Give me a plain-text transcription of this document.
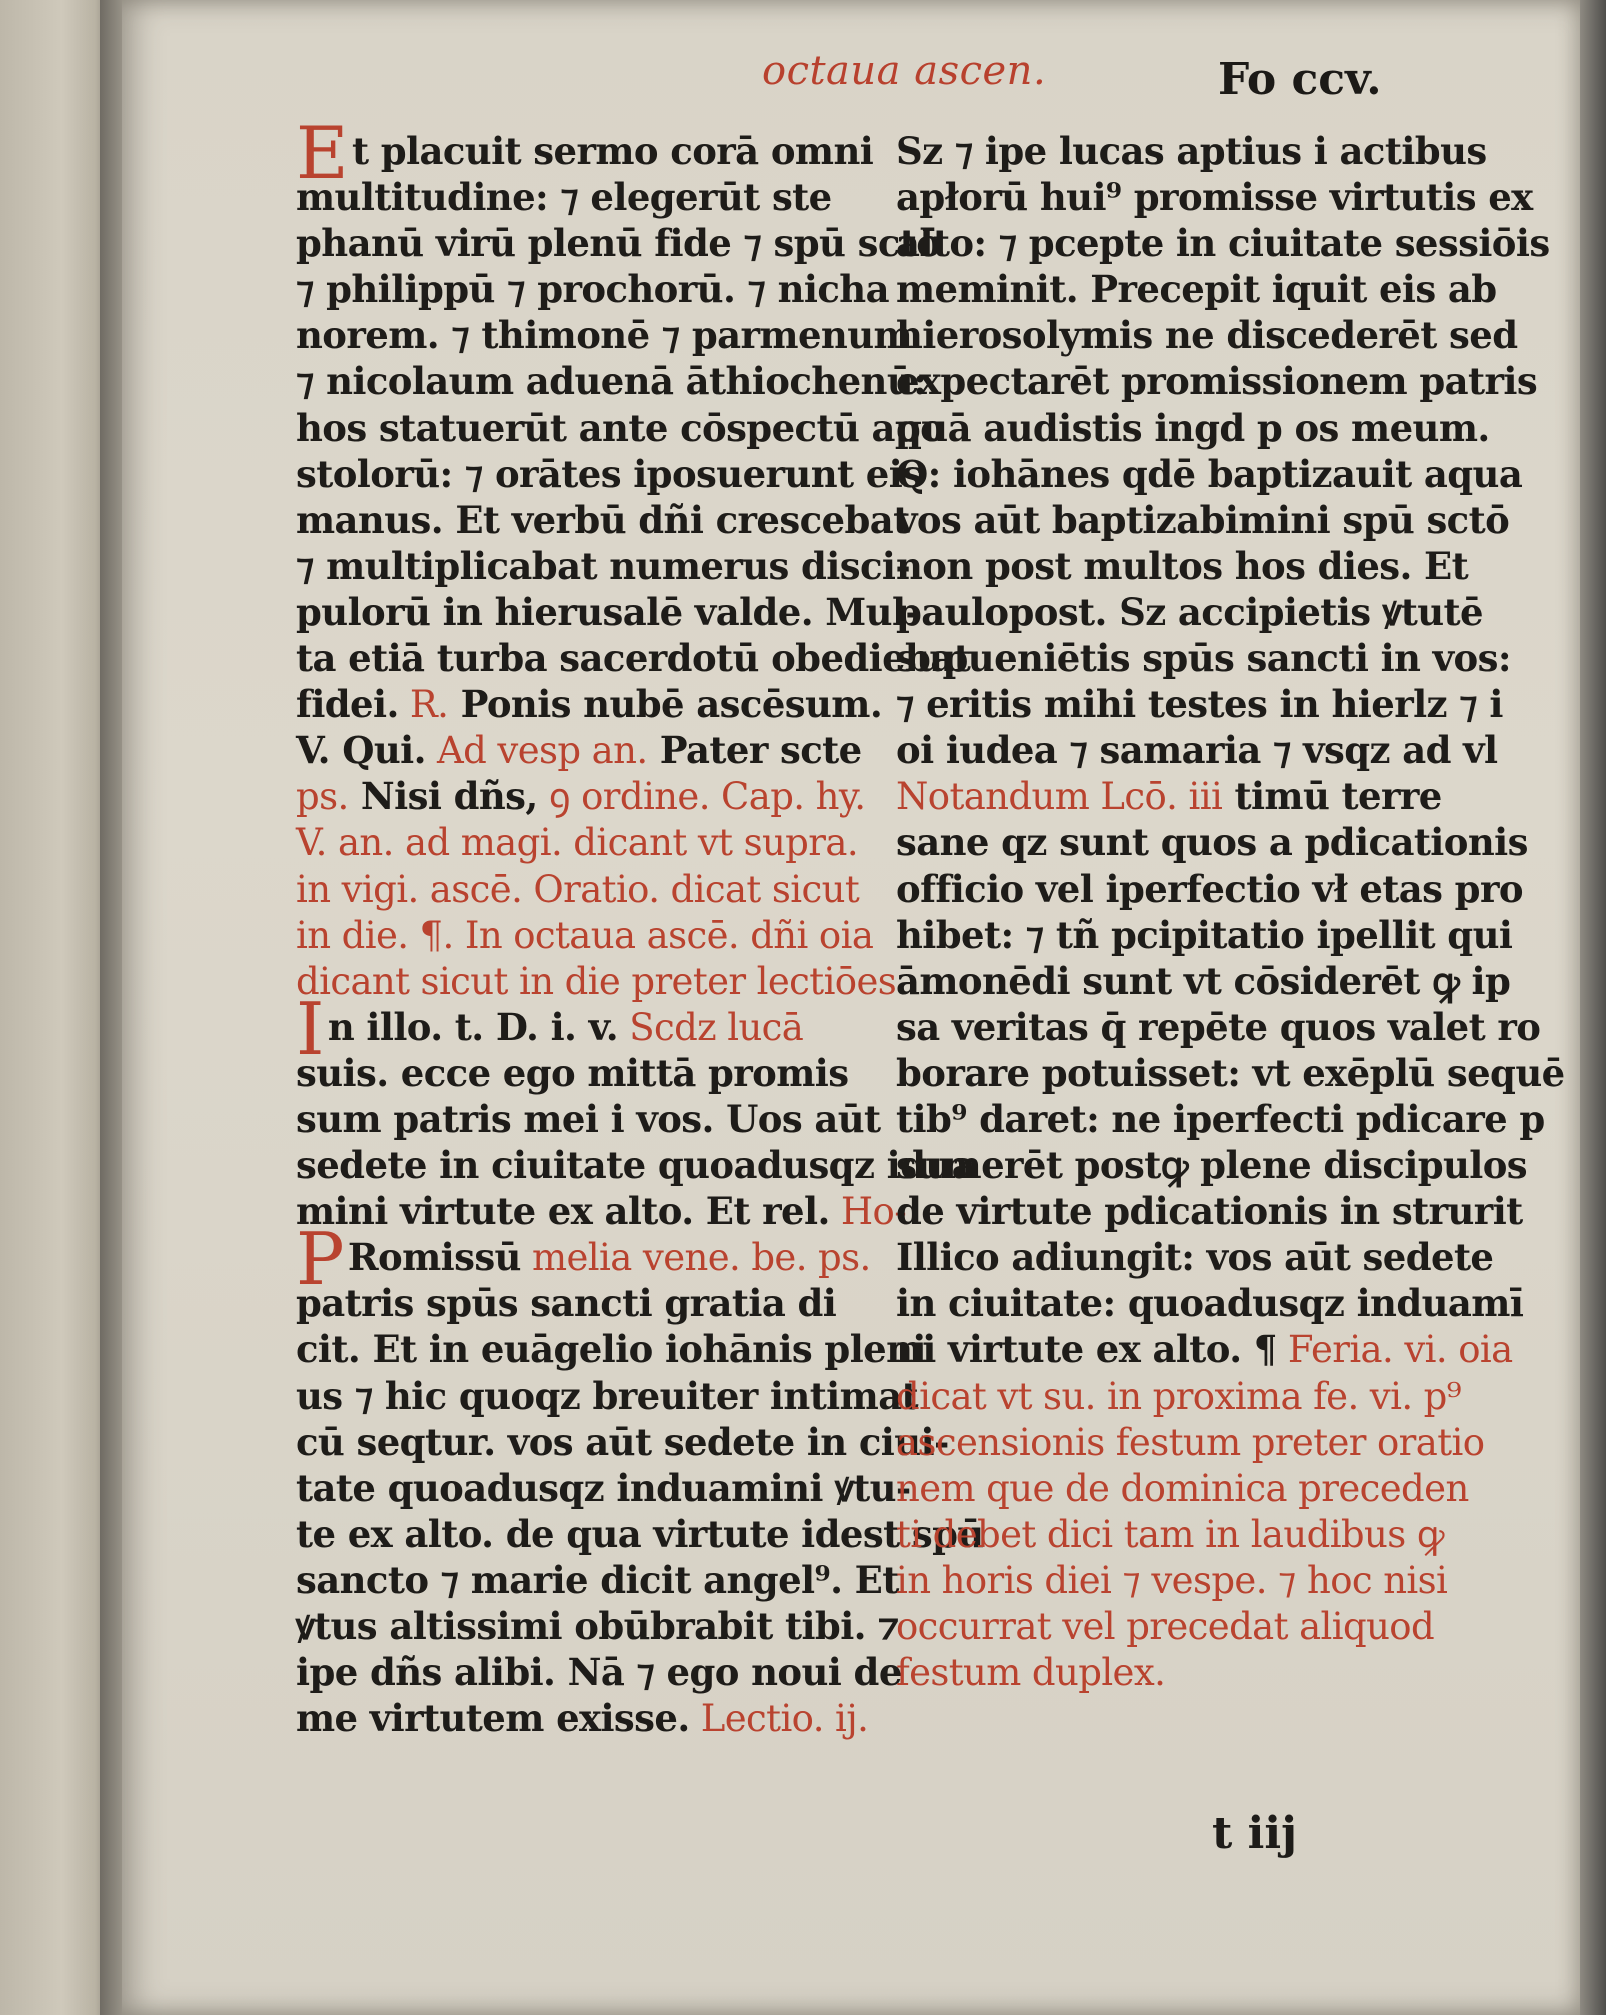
octaua ascen.	Fo ccv.
Et placuit sermo corā omni
multitudine: ⁊ elegerūt ste
phanū virū plenū fide ⁊ spū sctō
⁊ philippū ⁊ prochorū. ⁊ nicha
norem. ⁊ thimonē ⁊ parmenum
⁊ nicolaum aduenā āthiochenū:
hos statuerūt ante cōspectū apo
stolorū: ⁊ orātes iposuerunt eis
manus. Et verbū dñi crescebat
⁊ multiplicabat numerus disci-
pulorū in hierusalē valde. Mul-
ta etiā turba sacerdotū obediebat
fidei. R. Ponis nubē ascēsum.
V. Qui. Ad vesp an. Pater scte
ps. Nisi dñs, ꝯ ordine. Cap. hy.
V. an. ad magi. dicant vt supra.
in vigi. ascē. Oratio. dicat sicut
in die. ¶. In octaua ascē. dñi oia
dicant sicut in die preter lectiōes
In illo. t. D. i. v. Scdz lucā
suis. ecce ego mittā promis
sum patris mei i vos. Uos aūt
sedete in ciuitate quoadusqz idua
mini virtute ex alto. Et rel. Ho-
P Romissū melia vene. be. ps.
patris spūs sancti gratia di
cit. Et in euāgelio iohānis pleni
us ⁊ hic quoqz breuiter intimat
cū seqtur. vos aūt sedete in ciui-
tate quoadusqz induamini ꝟtu-
te ex alto. de qua virtute idest spū
sancto ⁊ marie dicit angel⁹. Et
ꝟtus altissimi obūbrabit tibi. ⁊
ipe dñs alibi. Nā ⁊ ego noui de
me virtutem exisse. Lectio. ij.
Sz ⁊ ipe lucas aptius i actibus
apłorū hui⁹ promisse virtutis ex
alto: ⁊ pcepte in ciuitate sessiōis
meminit. Precepit iquit eis ab
hierosolymis ne discederēt sed
expectarēt promissionem patris
quā audistis ingd p os meum.
Q: iohānes qdē baptizauit aqua
vos aūt baptizabimini spū sctō
non post multos hos dies. Et
paulopost. Sz accipietis ꝟtutē
supueniētis spūs sancti in vos:
⁊ eritis mihi testes in hierlz ⁊ i
oi iudea ⁊ samaria ⁊ vsqz ad vl
Notandum Lcō. iii timū terre
sane qz sunt quos a pdicationis
officio vel iperfectio vł etas pro
hibet: ⁊ tñ pcipitatio ipellit qui
āmonēdi sunt vt cōsiderēt ꝙ ip
sa veritas q̄ repēte quos valet ro
borare potuisset: vt exēplū sequē
tib⁹ daret: ne iperfecti pdicare p
sumerēt postꝙ plene discipulos
de virtute pdicationis in strurit
Illico adiungit: vos aūt sedete
in ciuitate: quoadusqz induamī
ni virtute ex alto. ¶ Feria. vi. oia
dicat vt su. in proxima fe. vi. p⁹
ascensionis festum preter oratio
nem que de dominica preceden
ti debet dici tam in laudibus ꝙ
in horis diei ⁊ vespe. ⁊ hoc nisi
occurrat vel precedat aliquod
festum duplex.
t iij
